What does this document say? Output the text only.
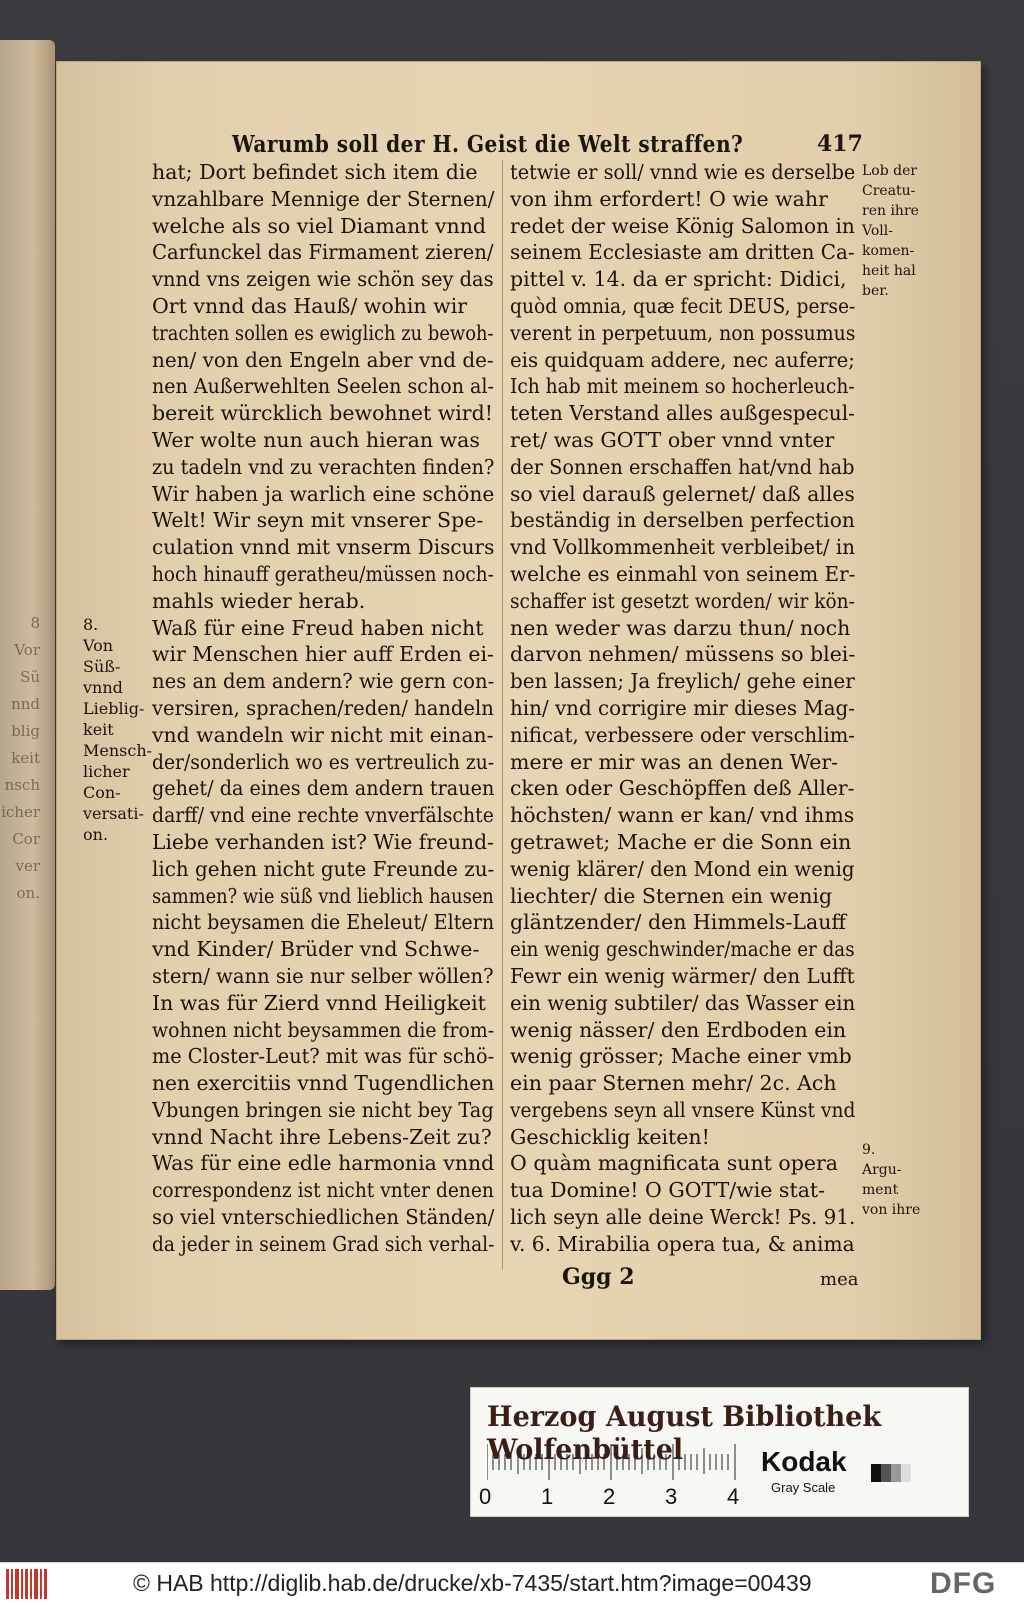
8
Vor
Sü
nnd
blig
keit
nsch
icher
Cor
ver
on.
Warumb soll der H. Geist die Welt straffen?	417
hat; Dort befindet sich item die
vnzahlbare Mennige der Sternen/
welche als so viel Diamant vnnd
Carfunckel das Firmament zieren/
vnnd vns zeigen wie schön sey das
Ort vnnd das Hauß/ wohin wir
trachten sollen es ewiglich zu bewoh-
nen/ von den Engeln aber vnd de-
nen Außerwehlten Seelen schon al-
bereit würcklich bewohnet wird!
Wer wolte nun auch hieran was
zu tadeln vnd zu verachten finden?
Wir haben ja warlich eine schöne
Welt! Wir seyn mit vnserer Spe-
culation vnnd mit vnserm Discurs
hoch hinauff geratheu/müssen noch-
mahls wieder herab.
Waß für eine Freud haben nicht
wir Menschen hier auff Erden ei-
nes an dem andern? wie gern con-
versiren, sprachen/reden/ handeln
vnd wandeln wir nicht mit einan-
der/sonderlich wo es vertreulich zu-
gehet/ da eines dem andern trauen
darff/ vnd eine rechte vnverfälschte
Liebe verhanden ist? Wie freund-
lich gehen nicht gute Freunde zu-
sammen? wie süß vnd lieblich hausen
nicht beysamen die Eheleut/ Eltern
vnd Kinder/ Brüder vnd Schwe-
stern/ wann sie nur selber wöllen?
In was für Zierd vnnd Heiligkeit
wohnen nicht beysammen die from-
me Closter-Leut? mit was für schö-
nen exercitiis vnnd Tugendlichen
Vbungen bringen sie nicht bey Tag
vnnd Nacht ihre Lebens-Zeit zu?
Was für eine edle harmonia vnnd
correspondenz ist nicht vnter denen
so viel vnterschiedlichen Ständen/
da jeder in seinem Grad sich verhal-
tetwie er soll/ vnnd wie es derselbe
von ihm erfordert! O wie wahr
redet der weise König Salomon in
seinem Ecclesiaste am dritten Ca-
pittel v. 14. da er spricht: Didici,
quòd omnia, quæ fecit DEUS, perse-
verent in perpetuum, non possumus
eis quidquam addere, nec auferre;
Ich hab mit meinem so hocherleuch-
teten Verstand alles außgespecul-
ret/ was GOTT ober vnnd vnter
der Sonnen erschaffen hat/vnd hab
so viel darauß gelernet/ daß alles
beständig in derselben perfection
vnd Vollkommenheit verbleibet/ in
welche es einmahl von seinem Er-
schaffer ist gesetzt worden/ wir kön-
nen weder was darzu thun/ noch
darvon nehmen/ müssens so blei-
ben lassen; Ja freylich/ gehe einer
hin/ vnd corrigire mir dieses Mag-
nificat, verbessere oder verschlim-
mere er mir was an denen Wer-
cken oder Geschöpffen deß Aller-
höchsten/ wann er kan/ vnd ihms
getrawet; Mache er die Sonn ein
wenig klärer/ den Mond ein wenig
liechter/ die Sternen ein wenig
gläntzender/ den Himmels-Lauff
ein wenig geschwinder/mache er das
Fewr ein wenig wärmer/ den Lufft
ein wenig subtiler/ das Wasser ein
wenig nässer/ den Erdboden ein
wenig grösser; Mache einer vmb
ein paar Sternen mehr/ 2c. Ach
vergebens seyn all vnsere Künst vnd
Geschicklig keiten!
O quàm magnificata sunt opera
tua Domine! O GOTT/wie stat-
lich seyn alle deine Werck! Ps. 91.
v. 6. Mirabilia opera tua, & anima
Lob der
Creatu-
ren ihre
Voll-
komen-
heit hal
ber.
8.
Von
Süß-
vnnd
Lieblig-
keit
Mensch-
licher
Con-
versati-
on.
9.
Argu-
ment
von ihre
Ggg 2	mea
Herzog August Bibliothek Wolfenbüttel
0 1 2 3 4
Kodak
Gray Scale
© HAB http://diglib.hab.de/drucke/xb-7435/start.htm?image=00439	DFG
